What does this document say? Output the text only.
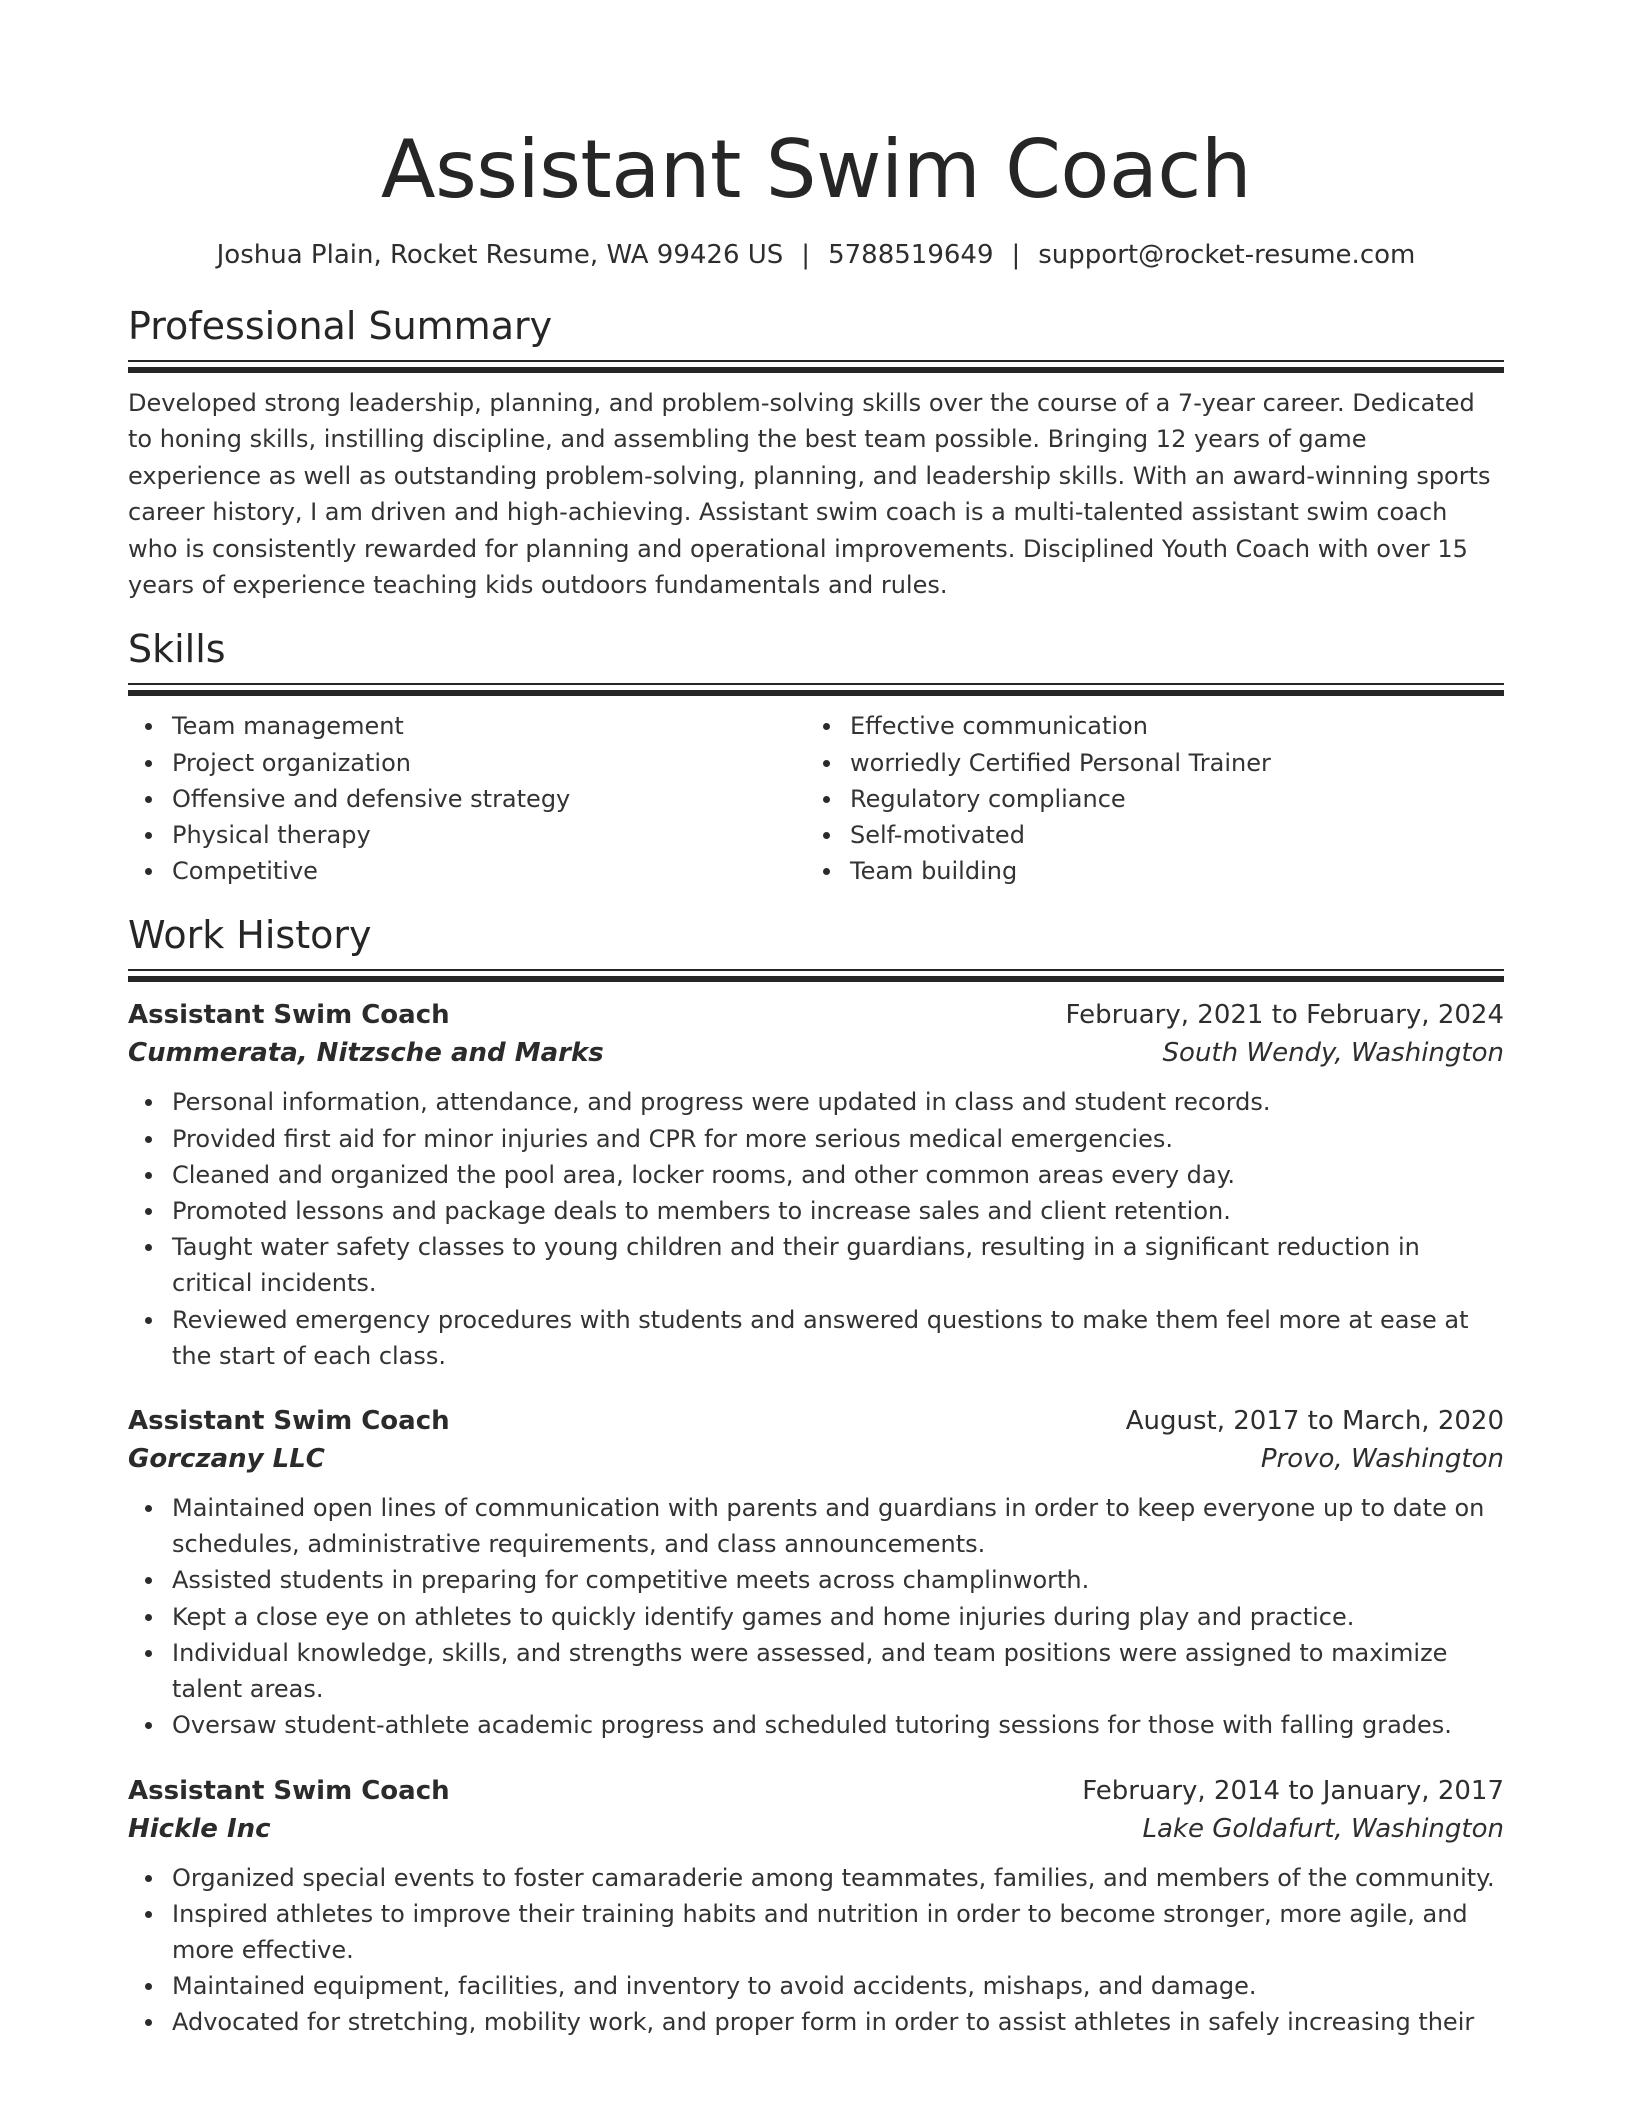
Assistant Swim Coach
Joshua Plain, Rocket Resume, WA 99426 US | 5788519649 | support@rocket-resume.com
Professional Summary

Developed strong leadership, planning, and problem-solving skills over the course of a 7-year career. Dedicated to honing skills, instilling discipline, and assembling the best team possible. Bringing 12 years of game experience as well as outstanding problem-solving, planning, and leadership skills. With an award-winning sports career history, I am driven and high-achieving. Assistant swim coach is a multi-talented assistant swim coach who is consistently rewarded for planning and operational improvements. Disciplined Youth Coach with over 15 years of experience teaching kids outdoors fundamentals and rules.

Skills
Team management
Project organization
Offensive and defensive strategy
Physical therapy
Competitive
Effective communication
worriedly Certified Personal Trainer
Regulatory compliance
Self-motivated
Team building
Work History
Assistant Swim Coach	February, 2021 to February, 2024
Cummerata, Nitzsche and Marks	South Wendy, Washington
Personal information, attendance, and progress were updated in class and student records.
Provided first aid for minor injuries and CPR for more serious medical emergencies.
Cleaned and organized the pool area, locker rooms, and other common areas every day.
Promoted lessons and package deals to members to increase sales and client retention.
Taught water safety classes to young children and their guardians, resulting in a significant reduction in critical incidents.
Reviewed emergency procedures with students and answered questions to make them feel more at ease at the start of each class.
Assistant Swim Coach	August, 2017 to March, 2020
Gorczany LLC	Provo, Washington
Maintained open lines of communication with parents and guardians in order to keep everyone up to date on schedules, administrative requirements, and class announcements.
Assisted students in preparing for competitive meets across champlinworth.
Kept a close eye on athletes to quickly identify games and home injuries during play and practice.
Individual knowledge, skills, and strengths were assessed, and team positions were assigned to maximize talent areas.
Oversaw student-athlete academic progress and scheduled tutoring sessions for those with falling grades.
Assistant Swim Coach	February, 2014 to January, 2017
Hickle Inc	Lake Goldafurt, Washington
Organized special events to foster camaraderie among teammates, families, and members of the community.
Inspired athletes to improve their training habits and nutrition in order to become stronger, more agile, and more effective.
Maintained equipment, facilities, and inventory to avoid accidents, mishaps, and damage.
Advocated for stretching, mobility work, and proper form in order to assist athletes in safely increasing their
